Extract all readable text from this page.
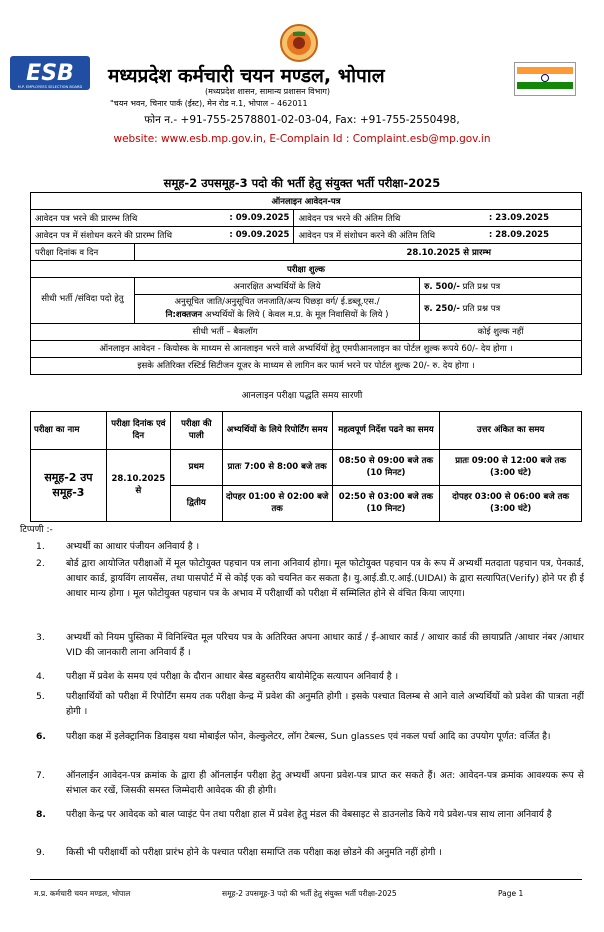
ESB
M.P. EMPLOYEES SELECTION BOARD मध्यप्रदेश कर्मचारी चयन मण्डल, भोपाल
(मध्यप्रदेश शासन, सामान्य प्रशासन विभाग)
"चयन भवन, चिनार पार्क (ईस्ट), मेन रोड न.1, भोपाल – 462011
फोन न.- +91-755-2578801-02-03-04, Fax: +91-755-2550498,
website: www.esb.mp.gov.in, E-Complain Id : Complaint.esb@mp.gov.in
समूह-2 उपसमूह-3 पदो की भर्ती हेतु संयुक्त भर्ती परीक्षा-2025
ऑनलाइन आवेदन-पत्र			
आवेदन पत्र भरने की प्रारम्भ तिथि : 09.09.2025		आवेदन पत्र भरने की अंतिम तिथि : 23.09.2025	

आवेदन पत्र में संशोधन करने की प्रारम्भ तिथि : 09.09.2025		आवेदन पत्र में संशोधन करने की अंतिम तिथि : 28.09.2025	

परीक्षा दिनांक व दिन	28.10.2025 से प्रारम्भ		
परीक्षा शुल्क			
सीधी भर्ती /संविदा पदो हेतु	अनारक्षित अभ्यर्थियों के लिये		रु. 500/- प्रति प्रश्न पत्र
	अनुसूचित जाति/अनुसूचित जनजाति/अन्य पिछड़ा वर्ग/ ई.डब्लू.एस./
नि:शक्तजन अभ्यर्थियों के लिये ( केवल म.प्र. के मूल निवासियों के लिये )		रु. 250/- प्रति प्रश्न पत्र
सीधी भर्ती – बैकलॉग			कोई शुल्क नहीं
ऑनलाइन आवेदन - कियोस्क के माध्यम से आनलाइन भरने वाले अभ्यर्थियों हेतु एमपीआनलाइन का पोर्टल शुल्क रूपये 60/- देय होगा ।			
इसके अतिरिक्त रस्टिर्ड सिटीजन यूजर के माध्यम से लागिन कर फार्म भरने पर पोर्टल शुल्क 20/- रु. देय होगा ।			
आनलाइन परीक्षा पद्धति समय सारणी
परीक्षा का नाम	परीक्षा दिनांक एवं दिन	परीक्षा की पाली	अभ्यर्थियों के लिये रिपोर्टिंग समय	महत्वपूर्ण निर्देश पढने का समय	उत्तर अंकित का समय
समूह-2 उप समूह-3	28.10.2025 से	प्रथम	प्रातः 7:00 से 8:00 बजे तक	08:50 से 09:00 बजे तक (10 मिनट)	प्रातः 09:00 से 12:00 बजे तक (3:00 घंटे)
		द्वितीय	दोपहर 01:00 से 02:00 बजे तक	02:50 से 03:00 बजे तक (10 मिनट)	दोपहर 03:00 से 06:00 बजे तक (3:00 घंटे)
टिप्पणी :-
1. अभ्यर्थी का आधार पंजीयन अनिवार्य है ।
2. बोर्ड द्वारा आयोजित परीक्षाओं में मूल फोटोयुक्त पहचान पत्र लाना अनिवार्य होगा। मूल फोटोयुक्त पहचान पत्र के रूप में अभ्यर्थी मतदाता पहचान पत्र, पेनकार्ड, आधार कार्ड, ड्रायविंग लायसेंस, तथा पासपोर्ट में से कोई एक को चयनित कर सकता है। यु.आई.डी.ए.आई.(UIDAI) के द्वारा सत्यापित(Verify) होने पर ही ई आधार मान्य होगा । मूल फोटोयुक्त पहचान पत्र के अभाव में परीक्षार्थी को परीक्षा में सम्मिलित होने से वंचित किया जाएगा।
3. अभ्यर्थी को नियम पुस्तिका में विनिश्चित मूल परिचय पत्र के अतिरिक्त अपना आधार कार्ड / ई-आधार कार्ड / आधार कार्ड की छायाप्रति /आधार नंबर /आधार VID की जानकारी लाना अनिवार्य हैं ।
4. परीक्षा में प्रवेश के समय एवं परीक्षा के दौरान आधार बेस्ड बहुस्तरीय बायोमेट्रिक सत्यापन अनिवार्य है ।
5. परीक्षार्थियों को परीक्षा में रिपोर्टिंग समय तक परीक्षा केन्द्र में प्रवेश की अनुमति होगी । इसके पश्चात विलम्ब से आने वाले अभ्यर्थियों को प्रवेश की पात्रता नहीं होगी ।
6. परीक्षा कक्ष में इलेक्ट्रानिक डिवाइस यथा मोबाईल फोन, केल्कुलेटर, लॉग टेबल्स, Sun glasses एवं नकल पर्चा आदि का उपयोग पूर्णत: वर्जित है।
7. ऑनलाईन आवेदन-पत्र क्रमांक के द्वारा ही ऑनलाईन परीक्षा हेतु अभ्यर्थी अपना प्रवेश-पत्र प्राप्त कर सकते हैं। अत: आवेदन-पत्र क्रमांक आवश्यक रूप से संभाल कर रखें, जिसकी समस्त जिम्मेदारी आवेदक की ही होगी।
8. परीक्षा केन्द्र पर आवेदक को बाल प्वाइंट पेन तथा परीक्षा हाल में प्रवेश हेतु मंडल की वेबसाइट से डाउनलोड किये गये प्रवेश-पत्र साथ लाना अनिवार्य है
9. किसी भी परीक्षार्थी को परीक्षा प्रारंभ होने के पश्चात परीक्षा समाप्ति तक परीक्षा कक्ष छोडने की अनुमति नहीं होगी ।
म.प्र. कर्मचारी चयन मण्डल, भोपाल	समूह-2 उपसमूह-3 पदो की भर्ती हेतु संयुक्त भर्ती परीक्षा-2025	Page 1
